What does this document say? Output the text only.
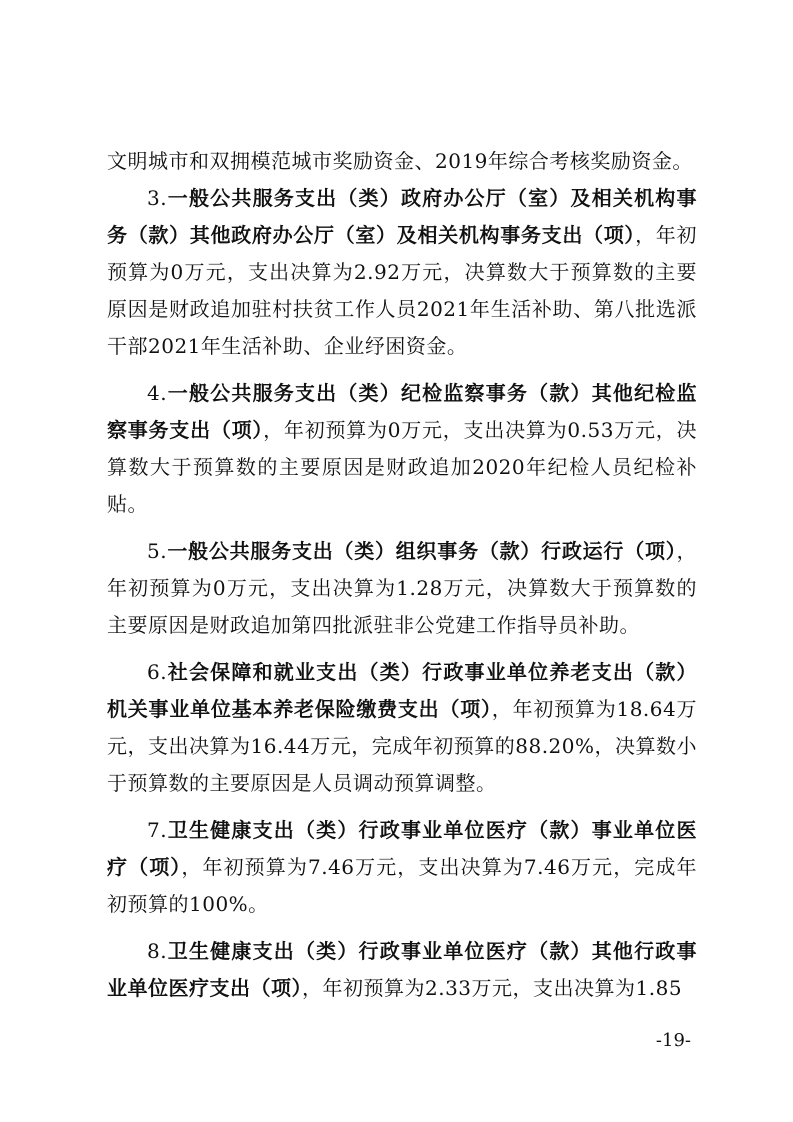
文明城市和双拥模范城市奖励资金、2019年综合考核奖励资金。

3.一般公共服务支出（类）政府办公厅（室）及相关机构事务（款）其他政府办公厅（室）及相关机构事务支出（项），年初预算为0万元，支出决算为2.92万元，决算数大于预算数的主要原因是财政追加驻村扶贫工作人员2021年生活补助、第八批选派干部2021年生活补助、企业纾困资金。

4.一般公共服务支出（类）纪检监察事务（款）其他纪检监察事务支出（项），年初预算为0万元，支出决算为0.53万元，决算数大于预算数的主要原因是财政追加2020年纪检人员纪检补贴。

5.一般公共服务支出（类）组织事务（款）行政运行（项），年初预算为0万元，支出决算为1.28万元，决算数大于预算数的主要原因是财政追加第四批派驻非公党建工作指导员补助。

6.社会保障和就业支出（类）行政事业单位养老支出（款）机关事业单位基本养老保险缴费支出（项），年初预算为18.64万元，支出决算为16.44万元，完成年初预算的88.20%，决算数小于预算数的主要原因是人员调动预算调整。

7.卫生健康支出（类）行政事业单位医疗（款）事业单位医疗（项），年初预算为7.46万元，支出决算为7.46万元，完成年初预算的100%。

8.卫生健康支出（类）行政事业单位医疗（款）其他行政事业单位医疗支出（项），年初预算为2.33万元，支出决算为1.85

-19-
